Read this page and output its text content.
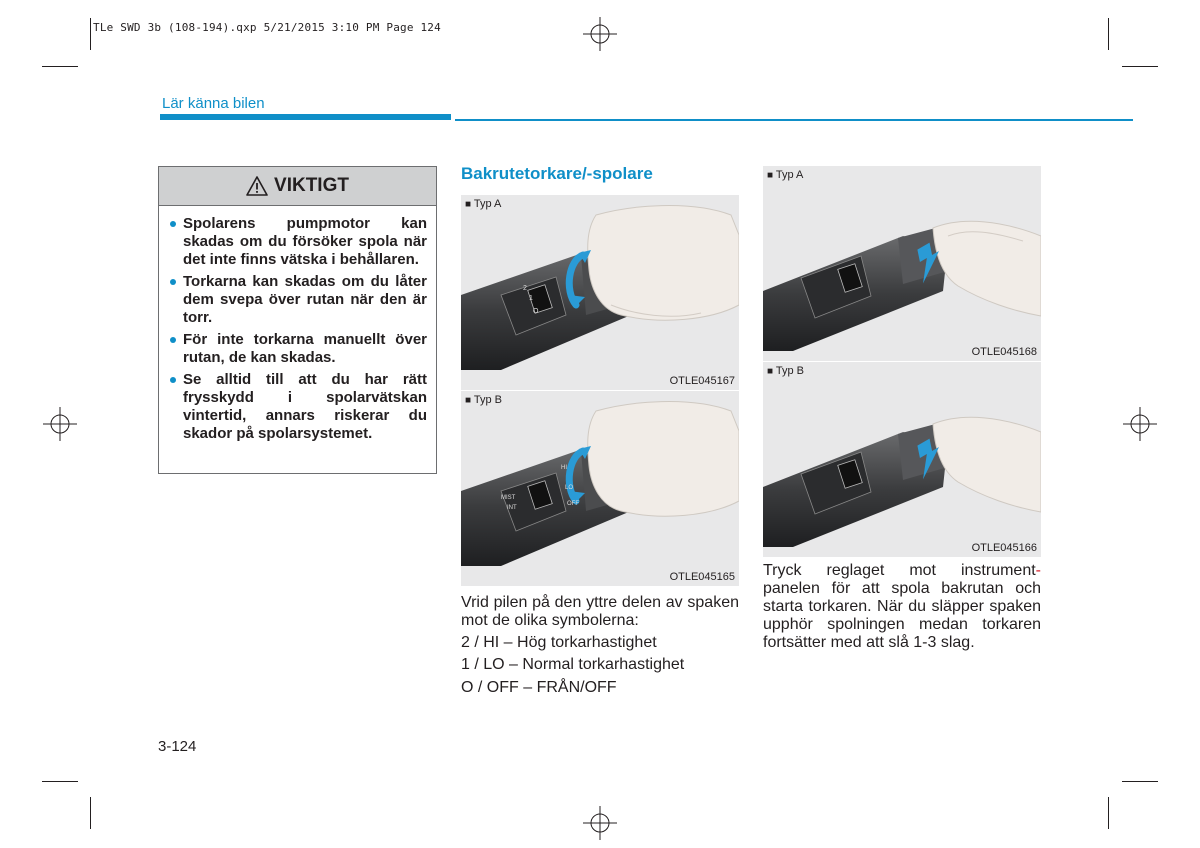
TLe SWD 3b (108-194).qxp 5/21/2015 3:10 PM Page 124
Lär känna bilen
VIKTIGT
Spolarens pumpmotor kan skadas om du försöker spola när det inte finns vätska i behållaren.
Torkarna kan skadas om du låter dem svepa över rutan när den är torr.
För inte torkarna manuellt över rutan, de kan skadas.
Se alltid till att du har rätt frysskydd i spolarvätskan vintertid, annars riskerar du skador på spolarsystemet.
Bakrutetorkare/-spolare
■ Typ A
2
1
O
OTLE045167
■ Typ B
HI
LO
OFF
INT
MIST
OTLE045165
Vrid pilen på den yttre delen av spaken mot de olika symbolerna:
2 / HI – Hög torkarhastighet
1 / LO – Normal torkarhastighet
O / OFF – FRÅN/OFF
■ Typ A
OTLE045168
■ Typ B
OTLE045166
Tryck reglaget mot instrument-
panelen för att spola bakrutan och starta torkaren. När du släpper spaken upphör spolningen medan torkaren fortsätter med att slå 1-3 slag.
3-124
